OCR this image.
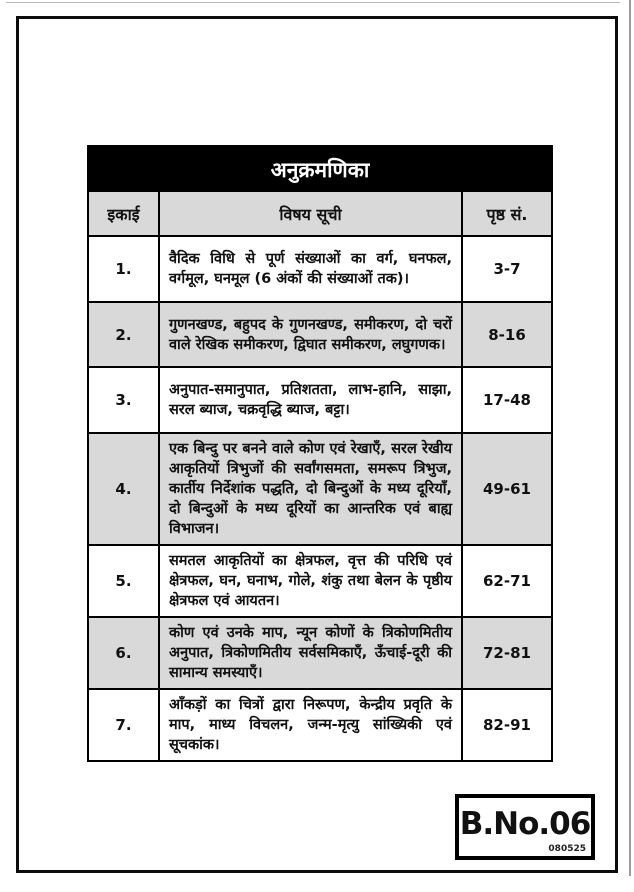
अनुक्रमणिका
इकाई	विषय सूची	पृष्ठ सं.
1.
वैदिक विधि से पूर्ण संख्याओं का वर्ग, घनफल, वर्गमूल, घनमूल (6 अंकों की संख्याओं तक)।
3-7
2.
गुणनखण्ड, बहुपद के गुणनखण्ड, समीकरण, दो चरों वाले रेखिक समीकरण, द्विघात समीकरण, लघुगणक।
8-16
3.
अनुपात-समानुपात, प्रतिशतता, लाभ-हानि, साझा, सरल ब्याज, चक्रवृद्धि ब्याज, बट्टा।
17-48
4.
एक बिन्दु पर बनने वाले कोण एवं रेखाएँ, सरल रेखीय आकृतियों त्रिभुजों की सर्वांगसमता, समरूप त्रिभुज, कार्तीय निर्देशांक पद्धति, दो बिन्दुओं के मध्य दूरियाँ, दो बिन्दुओं के मध्य दूरियों का आन्तरिक एवं बाह्य विभाजन।
49-61
5.
समतल आकृतियों का क्षेत्रफल, वृत्त की परिधि एवं क्षेत्रफल, घन, घनाभ, गोले, शंकु तथा बेलन के पृष्ठीय क्षेत्रफल एवं आयतन।
62-71
6.
कोण एवं उनके माप, न्यून कोणों के त्रिकोणमितीय अनुपात, त्रिकोणमितीय सर्वसमिकाएँ, ऊँचाई-दूरी की सामान्य समस्याएँ।
72-81
7.
आँकड़ों का चित्रों द्वारा निरूपण, केन्द्रीय प्रवृति के माप, माध्य विचलन, जन्म-मृत्यु सांख्यिकी एवं सूचकांक।
82-91
B.No.06
080525
